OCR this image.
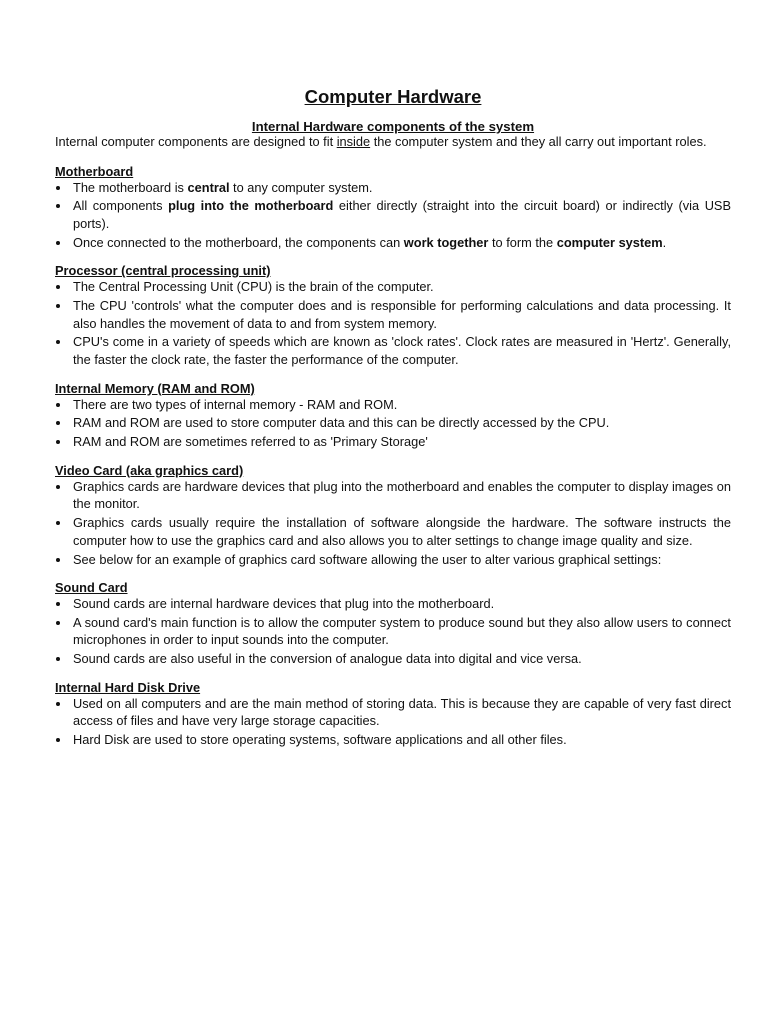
Computer Hardware
Internal Hardware components of the system

Internal computer components are designed to fit inside the computer system and they all carry out important roles.

Motherboard
The motherboard is central to any computer system.
All components plug into the motherboard either directly (straight into the circuit board) or indirectly (via USB ports).
Once connected to the motherboard, the components can work together to form the computer system.
Processor (central processing unit)
The Central Processing Unit (CPU) is the brain of the computer.
The CPU 'controls' what the computer does and is responsible for performing calculations and data processing. It also handles the movement of data to and from system memory.
CPU's come in a variety of speeds which are known as 'clock rates'. Clock rates are measured in 'Hertz'. Generally, the faster the clock rate, the faster the performance of the computer.
Internal Memory (RAM and ROM)
There are two types of internal memory - RAM and ROM.
RAM and ROM are used to store computer data and this can be directly accessed by the CPU.
RAM and ROM are sometimes referred to as 'Primary Storage'
Video Card (aka graphics card)
Graphics cards are hardware devices that plug into the motherboard and enables the computer to display images on the monitor.
Graphics cards usually require the installation of software alongside the hardware. The software instructs the computer how to use the graphics card and also allows you to alter settings to change image quality and size.
See below for an example of graphics card software allowing the user to alter various graphical settings:
Sound Card
Sound cards are internal hardware devices that plug into the motherboard.
A sound card's main function is to allow the computer system to produce sound but they also allow users to connect microphones in order to input sounds into the computer.
Sound cards are also useful in the conversion of analogue data into digital and vice versa.
Internal Hard Disk Drive
Used on all computers and are the main method of storing data. This is because they are capable of very fast direct access of files and have very large storage capacities.
Hard Disk are used to store operating systems, software applications and all other files.
